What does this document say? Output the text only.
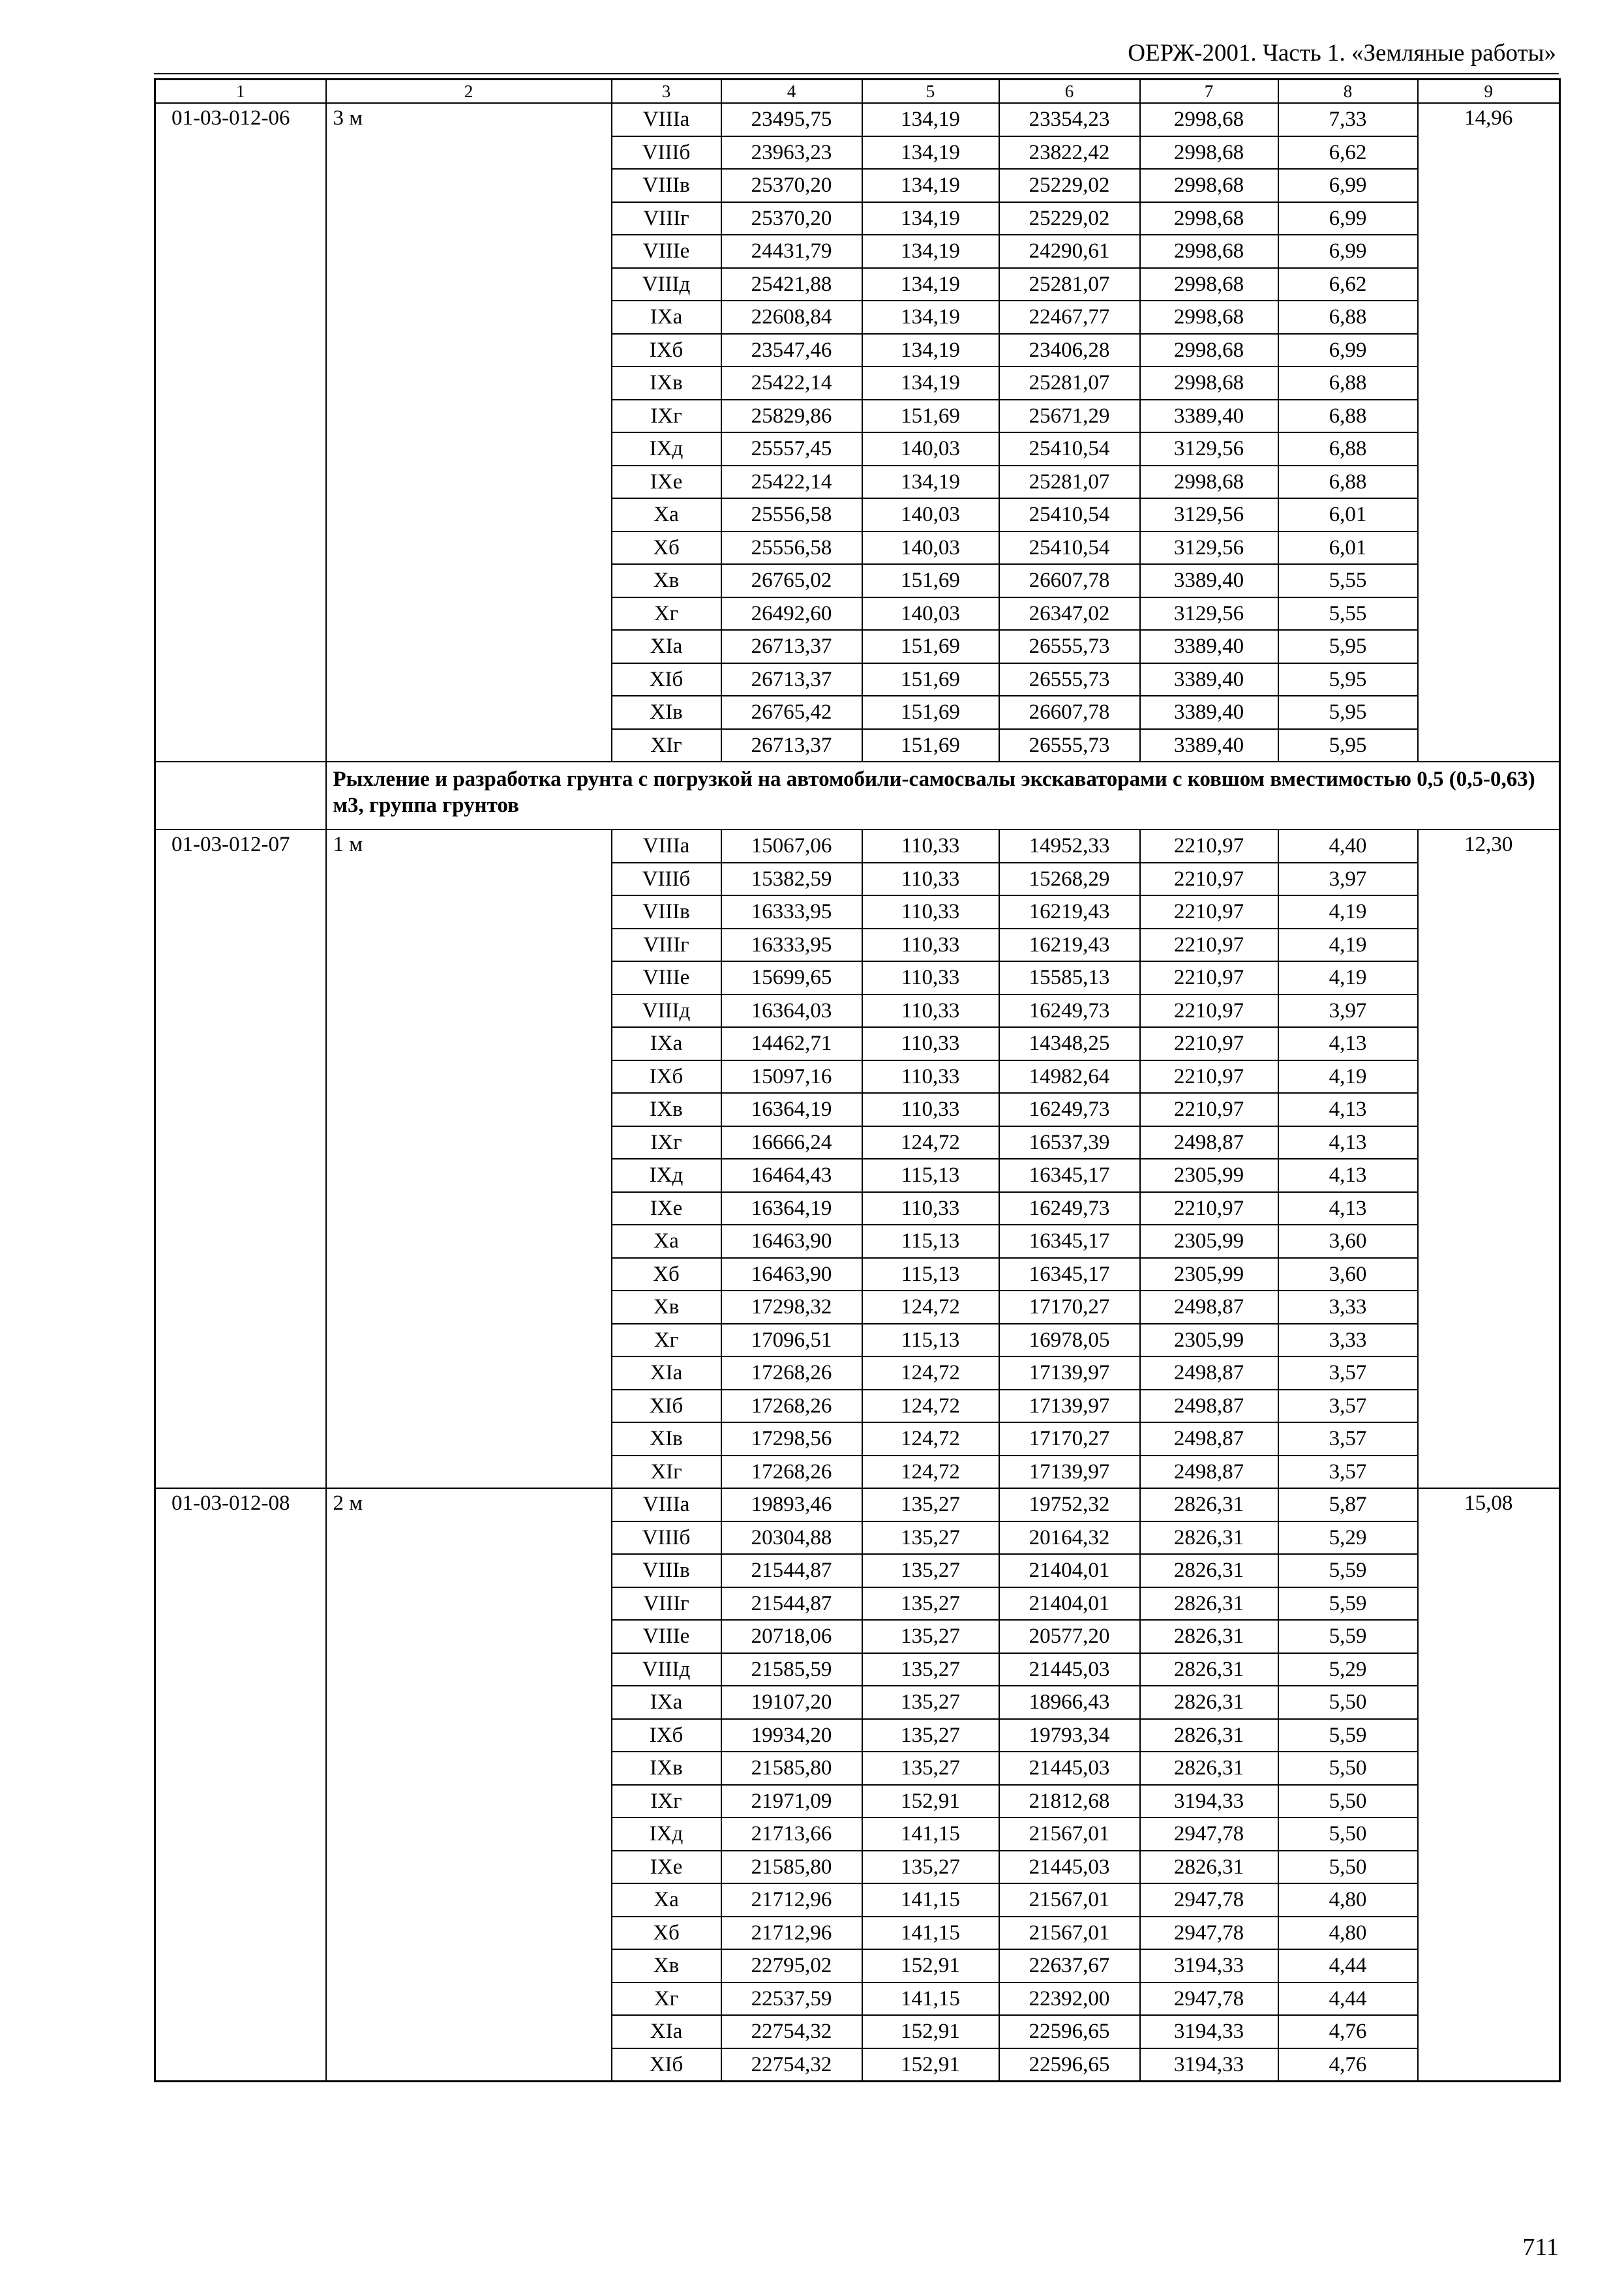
ОЕРЖ-2001. Часть 1. «Земляные работы»
1	2	3	4	5	6	7	8	9
01-03-012-06	3 м	VIIIа	23495,75	134,19	23354,23	2998,68	7,33	14,96
		VIIIб	23963,23	134,19	23822,42	2998,68	6,62	
		VIIIв	25370,20	134,19	25229,02	2998,68	6,99	
		VIIIг	25370,20	134,19	25229,02	2998,68	6,99	
		VIIIе	24431,79	134,19	24290,61	2998,68	6,99	
		VIIIд	25421,88	134,19	25281,07	2998,68	6,62	
		IXа	22608,84	134,19	22467,77	2998,68	6,88	
		IXб	23547,46	134,19	23406,28	2998,68	6,99	
		IXв	25422,14	134,19	25281,07	2998,68	6,88	
		IXг	25829,86	151,69	25671,29	3389,40	6,88	
		IXд	25557,45	140,03	25410,54	3129,56	6,88	
		IXе	25422,14	134,19	25281,07	2998,68	6,88	
		Xа	25556,58	140,03	25410,54	3129,56	6,01	
		Xб	25556,58	140,03	25410,54	3129,56	6,01	
		Xв	26765,02	151,69	26607,78	3389,40	5,55	
		Xг	26492,60	140,03	26347,02	3129,56	5,55	
		XIа	26713,37	151,69	26555,73	3389,40	5,95	
		XIб	26713,37	151,69	26555,73	3389,40	5,95	
		XIв	26765,42	151,69	26607,78	3389,40	5,95	
		XIг	26713,37	151,69	26555,73	3389,40	5,95	
	Рыхление и разработка грунта с погрузкой на автомобили-самосвалы экскаваторами с ковшом вместимостью 0,5 (0,5-0,63) м3, группа грунтов							
01-03-012-07	1 м	VIIIа	15067,06	110,33	14952,33	2210,97	4,40	12,30
		VIIIб	15382,59	110,33	15268,29	2210,97	3,97	
		VIIIв	16333,95	110,33	16219,43	2210,97	4,19	
		VIIIг	16333,95	110,33	16219,43	2210,97	4,19	
		VIIIе	15699,65	110,33	15585,13	2210,97	4,19	
		VIIIд	16364,03	110,33	16249,73	2210,97	3,97	
		IXа	14462,71	110,33	14348,25	2210,97	4,13	
		IXб	15097,16	110,33	14982,64	2210,97	4,19	
		IXв	16364,19	110,33	16249,73	2210,97	4,13	
		IXг	16666,24	124,72	16537,39	2498,87	4,13	
		IXд	16464,43	115,13	16345,17	2305,99	4,13	
		IXе	16364,19	110,33	16249,73	2210,97	4,13	
		Xа	16463,90	115,13	16345,17	2305,99	3,60	
		Xб	16463,90	115,13	16345,17	2305,99	3,60	
		Xв	17298,32	124,72	17170,27	2498,87	3,33	
		Xг	17096,51	115,13	16978,05	2305,99	3,33	
		XIа	17268,26	124,72	17139,97	2498,87	3,57	
		XIб	17268,26	124,72	17139,97	2498,87	3,57	
		XIв	17298,56	124,72	17170,27	2498,87	3,57	
		XIг	17268,26	124,72	17139,97	2498,87	3,57	
01-03-012-08	2 м	VIIIа	19893,46	135,27	19752,32	2826,31	5,87	15,08
		VIIIб	20304,88	135,27	20164,32	2826,31	5,29	
		VIIIв	21544,87	135,27	21404,01	2826,31	5,59	
		VIIIг	21544,87	135,27	21404,01	2826,31	5,59	
		VIIIе	20718,06	135,27	20577,20	2826,31	5,59	
		VIIIд	21585,59	135,27	21445,03	2826,31	5,29	
		IXа	19107,20	135,27	18966,43	2826,31	5,50	
		IXб	19934,20	135,27	19793,34	2826,31	5,59	
		IXв	21585,80	135,27	21445,03	2826,31	5,50	
		IXг	21971,09	152,91	21812,68	3194,33	5,50	
		IXд	21713,66	141,15	21567,01	2947,78	5,50	
		IXе	21585,80	135,27	21445,03	2826,31	5,50	
		Xа	21712,96	141,15	21567,01	2947,78	4,80	
		Xб	21712,96	141,15	21567,01	2947,78	4,80	
		Xв	22795,02	152,91	22637,67	3194,33	4,44	
		Xг	22537,59	141,15	22392,00	2947,78	4,44	
		XIа	22754,32	152,91	22596,65	3194,33	4,76	
		XIб	22754,32	152,91	22596,65	3194,33	4,76	
711
